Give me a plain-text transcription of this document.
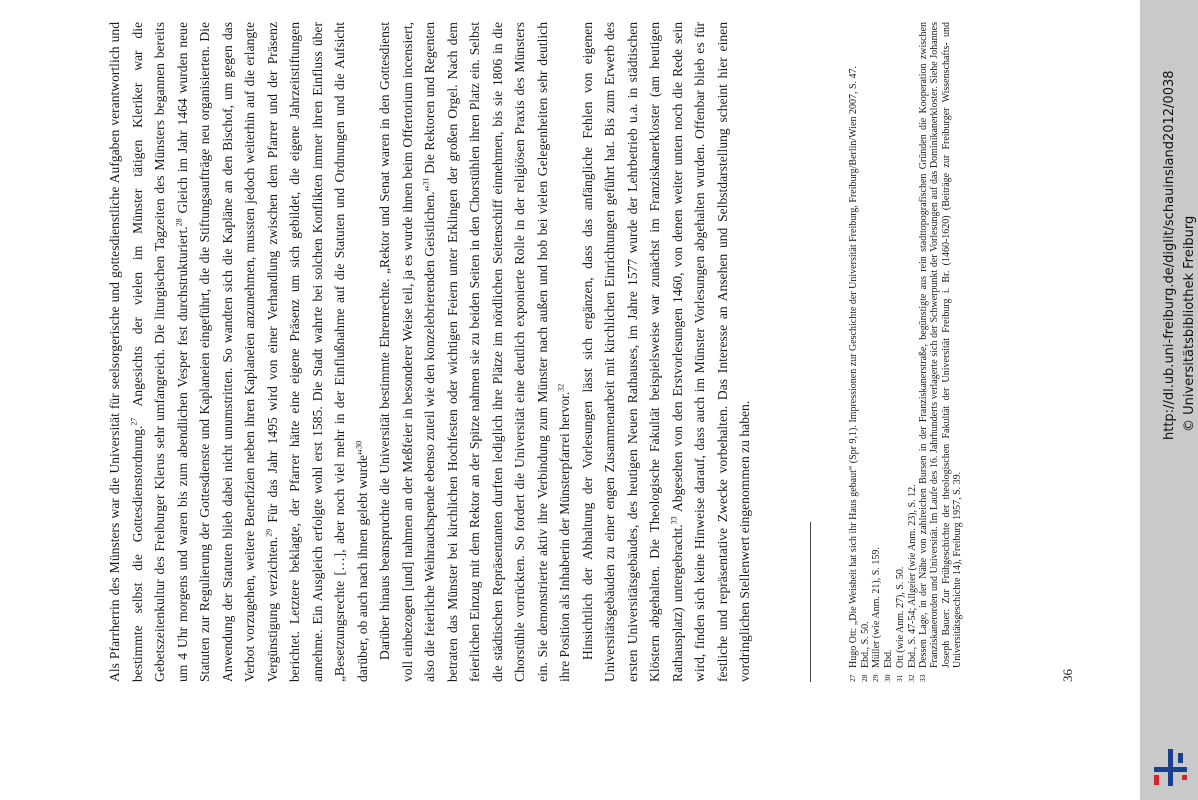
Als Pfarrherrin des Münsters war die Universität für seelsorgerische und gottesdienstliche Aufgaben verantwortlich und bestimmte selbst die Gottesdienstordnung.$^{27}$ Angesichts der vielen im Münster tätigen Kleriker war die Gebetszeitenkultur des Freiburger Klerus sehr umfangreich. Die liturgischen Tagzeiten des Münsters begannen bereits um 4 Uhr morgens und waren bis zum abendlichen Vesper fest durchstrukturiert.$^{28}$ Gleich im Jahr 1464 wurden neue Statuten zur Regulierung der Gottesdienste und Kaplaneien eingeführt, die die Stiftungsaufträge neu organisierten. Die Anwendung der Statuten blieb dabei nicht unumstritten. So wandten sich die Kapläne an den Bischof, um gegen das Verbot vorzugehen, weitere Benefizien neben ihren Kaplaneien anzunehmen, mussten jedoch weiterhin auf die erlangte Vergünstigung verzichten.$^{29}$ Für das Jahr 1495 wird von einer Verhandlung zwischen dem Pfarrer und der Präsenz berichtet. Letztere beklagte, der Pfarrer hätte eine eigene Präsenz um sich gebildet, die eigene Jahrzeitstiftungen annehme. Ein Ausgleich erfolgte wohl erst 1585. Die Stadt wahrte bei solchen Konflikten immer ihren Einfluss über „Besetzungsrechte […], aber noch viel mehr in der Einflußnahme auf die Statuten und Ordnungen und die Aufsicht darüber, ob auch nach ihnen gelebt wurde“$^{30}$	Darüber hinaus beanspruchte die Universität bestimmte Ehrenrechte. „Rektor und Senat waren in den Gottesdienst voll einbezogen [und] nahmen an der Meßfeier in besonderer Weise teil, ja es wurde ihnen beim Offertorium incensiert, also die feierliche Weihrauchspende ebenso zuteil wie den konzelebrierenden Geistlichen.“$^{31}$ Die Rektoren und Regenten betraten das Münster bei kirchlichen Hochfesten oder wichtigen Feiern unter Erklingen der großen Orgel. Nach dem feierlichen Einzug mit dem Rektor an der Spitze nahmen sie zu beiden Seiten in den Chorstühlen ihren Platz ein. Selbst die städtischen Repräsentanten durften lediglich ihre Plätze im nördlichen Seitenschiff einnehmen, bis sie 1806 in die Chorstühle vorrückten. So fordert die Universität eine deutlich exponierte Rolle in der religiösen Praxis des Münsters ein. Sie demonstrierte aktiv ihre Verbindung zum Münster nach außen und hob bei vielen Gelegenheiten sehr deutlich ihre Position als Inhaberin der Münsterpfarrei hervor.$^{32}$	Hinsichtlich der Abhaltung der Vorlesungen lässt sich ergänzen, dass das anfängliche Fehlen von eigenen Universitätsgebäuden zu einer engen Zusammenarbeit mit kirchlichen Einrichtungen geführt hat. Bis zum Erwerb des ersten Universitätsgebäudes, des heutigen Neuen Rathauses, im Jahre 1577 wurde der Lehrbetrieb u.a. in städtischen Klöstern abgehalten. Die Theologische Fakultät beispielsweise war zunächst im Franziskanerkloster (am heutigen Rathausplatz) untergebracht.$^{33}$ Abgesehen von den Erstvorlesungen 1460, von denen weiter unten noch die Rede sein wird, finden sich keine Hinweise darauf, dass auch im Münster Vorlesungen abgehalten wurden. Offenbar blieb es für festliche und repräsentative Zwecke vorbehalten. Das Interesse an Ansehen und Selbstdarstellung scheint hier einen vordringlichen Stellenwert eingenommen zu haben.	27
Hugo Ott: „Die Weisheit hat sich ihr Haus gebaut“ (Spr 9,1). Impressionen zur Geschichte der Universität Freiburg, Freiburg/Berlin/Wien 2007, S. 47.
28
Ebd., S. 50.
29
Müller (wie Anm. 21), S. 159.
30
Ebd.
31
Ott (wie Anm. 27), S. 50.
32
Ebd., S. 47-54; Allgeier (wie Anm. 23), S. 12.
33
Dessen Lage, in der Nähe von zahlreichen Bursen in der Franziskanerstraße, begünstigte aus rein stadttopografischen Gründen die Kooperation zwischen Franziskanerorden und Universität. Im Laufe des 16. Jahrhunderts verlagerte sich der Schwerpunkt der Vorlesungen auf das Dominikanerkloster. Siehe Johannes Joseph Bauer: Zur Frühgeschichte der theologischen Fakultät der Universität Freiburg i. Br. (1460-1620) (Beiträge zur Freiburger Wissenschafts- und Universitätsgeschichte 14), Freiburg 1957, S. 39.
36
http://dl.ub.uni-freiburg.de/diglit/schauinsland2012/0038 © Universitätsbibliothek Freiburg
